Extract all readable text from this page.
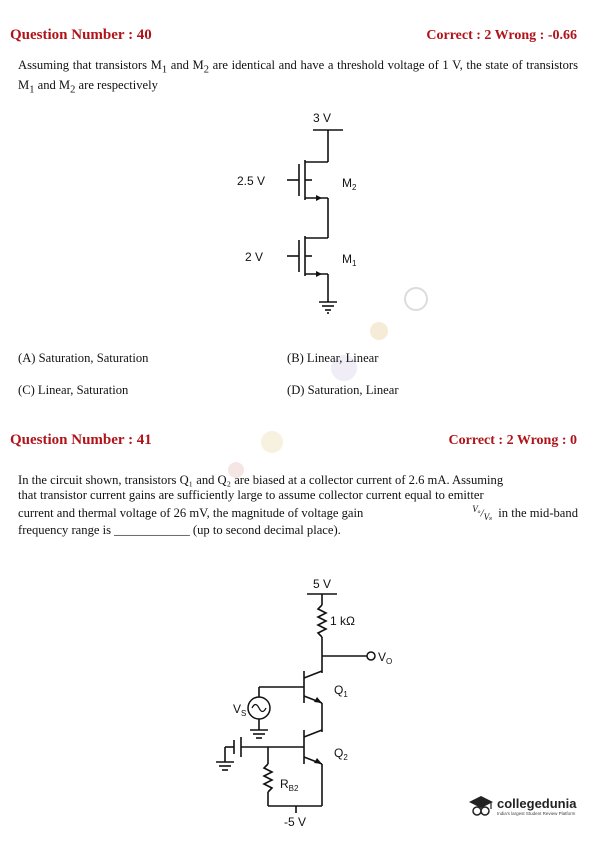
Question Number : 40	Correct : 2 Wrong : -0.66
Assuming that transistors $M_1$ and $M_2$ are identical and have a threshold voltage of 1 V, the state of transistors $M_1$ and $M_2$ are respectively
3 V
2.5 V	$M_2$
2 V	$M_1$
(A) Saturation, Saturation	(B) Linear, Linear
(C) Linear, Saturation	(D) Saturation, Linear
Question Number : 41	Correct : 2 Wrong : 0
In the circuit shown, transistors Q₁ and Q₂ are biased at a collector current of 2.6 mA. Assuming
that transistor current gains are sufficiently large to assume collector current equal to emitter
current and thermal voltage of 26 mV, the magnitude of voltage gain	$^{V_o}/_{V_s}$ in the mid-band
frequency range is ____________ (up to second decimal place).
5 V
1 kΩ
$V_O$
$Q_1$
$V_S$
$Q_2$
$R_{B2}$
-5 V
collegedunia
India's largest Student Review Platform
